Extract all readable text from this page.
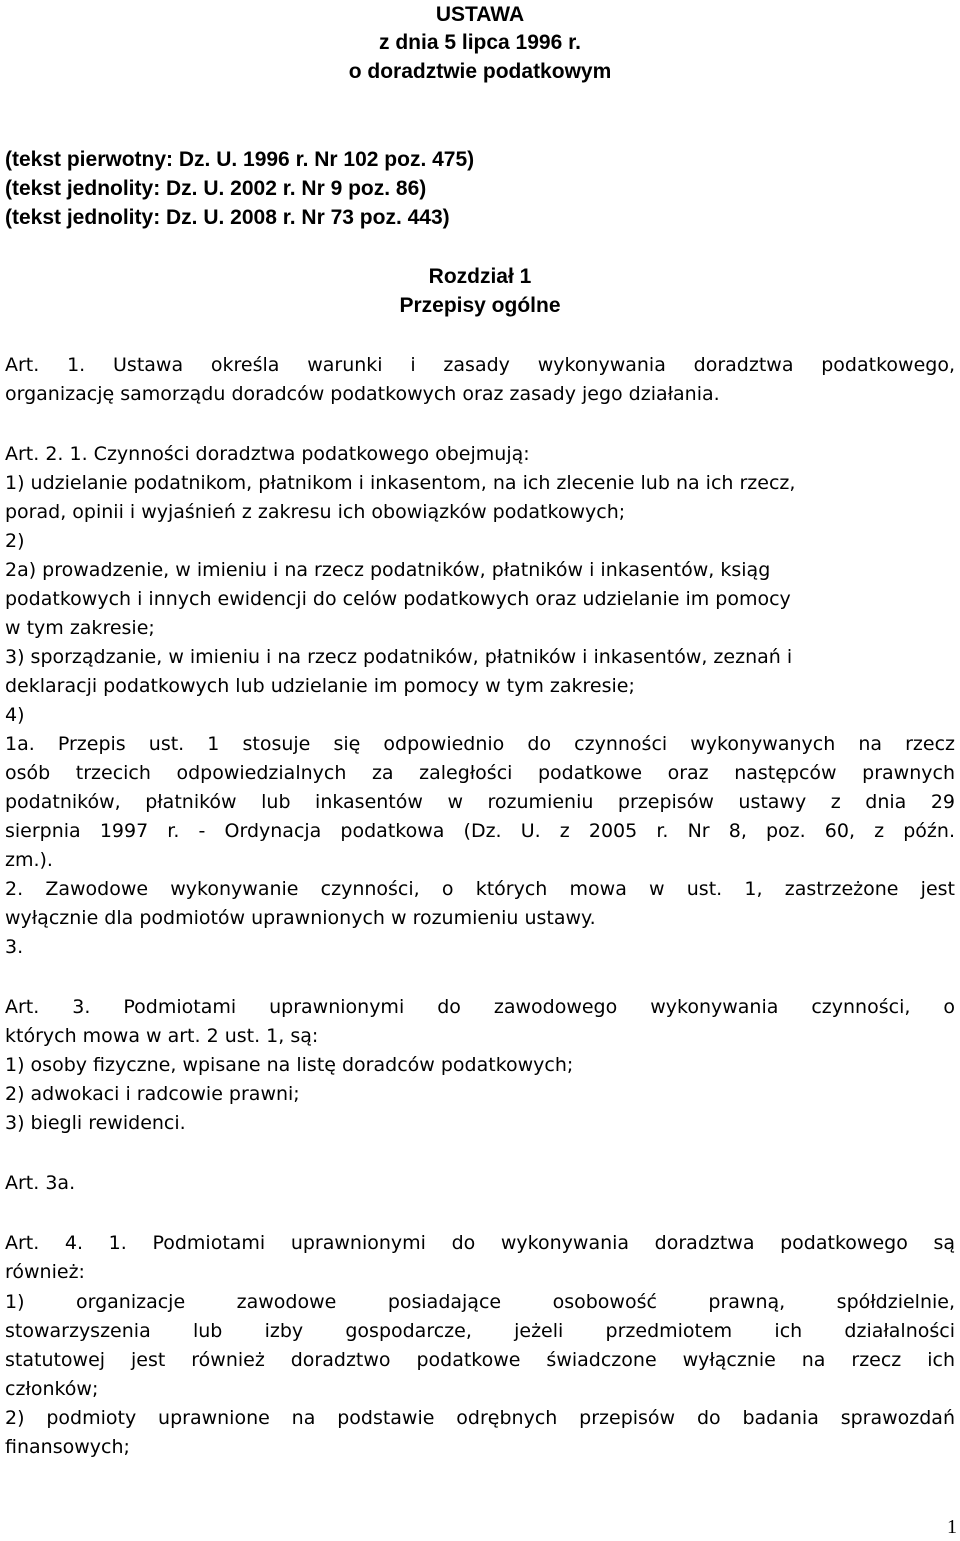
USTAWA
z dnia 5 lipca 1996 r.
o doradztwie podatkowym
(tekst pierwotny: Dz. U. 1996 r. Nr 102 poz. 475)
(tekst jednolity: Dz. U. 2002 r. Nr 9 poz. 86)
(tekst jednolity: Dz. U. 2008 r. Nr 73 poz. 443)
Rozdział 1
Przepisy ogólne
Art. 1. Ustawa określa warunki i zasady wykonywania doradztwa podatkowego,
organizację samorządu doradców podatkowych oraz zasady jego działania.
Art. 2. 1. Czynności doradztwa podatkowego obejmują:
1) udzielanie podatnikom, płatnikom i inkasentom, na ich zlecenie lub na ich rzecz,
porad, opinii i wyjaśnień z zakresu ich obowiązków podatkowych;
2)
2a) prowadzenie, w imieniu i na rzecz podatników, płatników i inkasentów, ksiąg
podatkowych i innych ewidencji do celów podatkowych oraz udzielanie im pomocy
w tym zakresie;
3) sporządzanie, w imieniu i na rzecz podatników, płatników i inkasentów, zeznań i
deklaracji podatkowych lub udzielanie im pomocy w tym zakresie;
4)
1a. Przepis ust. 1 stosuje się odpowiednio do czynności wykonywanych na rzecz
osób trzecich odpowiedzialnych za zaległości podatkowe oraz następców prawnych
podatników, płatników lub inkasentów w rozumieniu przepisów ustawy z dnia 29
sierpnia 1997 r. - Ordynacja podatkowa (Dz. U. z 2005 r. Nr 8, poz. 60, z późn.
zm.).
2. Zawodowe wykonywanie czynności, o których mowa w ust. 1, zastrzeżone jest
wyłącznie dla podmiotów uprawnionych w rozumieniu ustawy.
3.
Art. 3. Podmiotami uprawnionymi do zawodowego wykonywania czynności, o
których mowa w art. 2 ust. 1, są:
1) osoby fizyczne, wpisane na listę doradców podatkowych;
2) adwokaci i radcowie prawni;
3) biegli rewidenci.
Art. 3a.
Art. 4. 1. Podmiotami uprawnionymi do wykonywania doradztwa podatkowego są
również:
1) organizacje zawodowe posiadające osobowość prawną, spółdzielnie,
stowarzyszenia lub izby gospodarcze, jeżeli przedmiotem ich działalności
statutowej jest również doradztwo podatkowe świadczone wyłącznie na rzecz ich
członków;
2) podmioty uprawnione na podstawie odrębnych przepisów do badania sprawozdań
finansowych;
1
